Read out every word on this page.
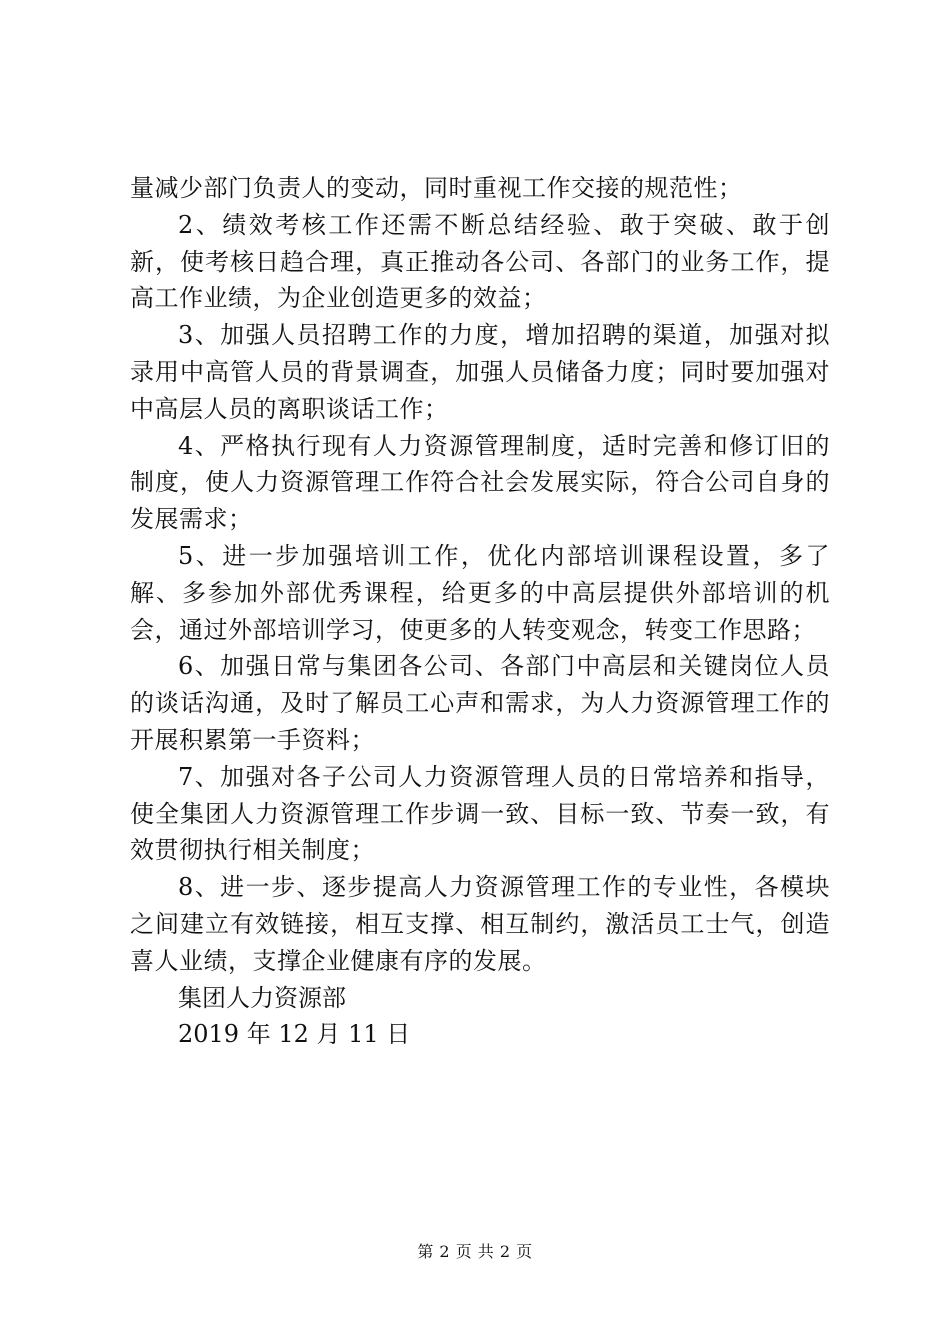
量减少部门负责人的变动，同时重视工作交接的规范性；

2、绩效考核工作还需不断总结经验、敢于突破、敢于创新，使考核日趋合理，真正推动各公司、各部门的业务工作，提高工作业绩，为企业创造更多的效益；

3、加强人员招聘工作的力度，增加招聘的渠道，加强对拟录用中高管人员的背景调查，加强人员储备力度；同时要加强对中高层人员的离职谈话工作；

4、严格执行现有人力资源管理制度，适时完善和修订旧的制度，使人力资源管理工作符合社会发展实际，符合公司自身的发展需求；

5、进一步加强培训工作，优化内部培训课程设置，多了解、多参加外部优秀课程，给更多的中高层提供外部培训的机会，通过外部培训学习，使更多的人转变观念，转变工作思路；

6、加强日常与集团各公司、各部门中高层和关键岗位人员的谈话沟通，及时了解员工心声和需求，为人力资源管理工作的开展积累第一手资料；

7、加强对各子公司人力资源管理人员的日常培养和指导，使全集团人力资源管理工作步调一致、目标一致、节奏一致，有效贯彻执行相关制度；

8、进一步、逐步提高人力资源管理工作的专业性，各模块之间建立有效链接，相互支撑、相互制约，激活员工士气，创造喜人业绩，支撑企业健康有序的发展。

集团人力资源部

2019 年 12 月 11 日

第 2 页 共 2 页
